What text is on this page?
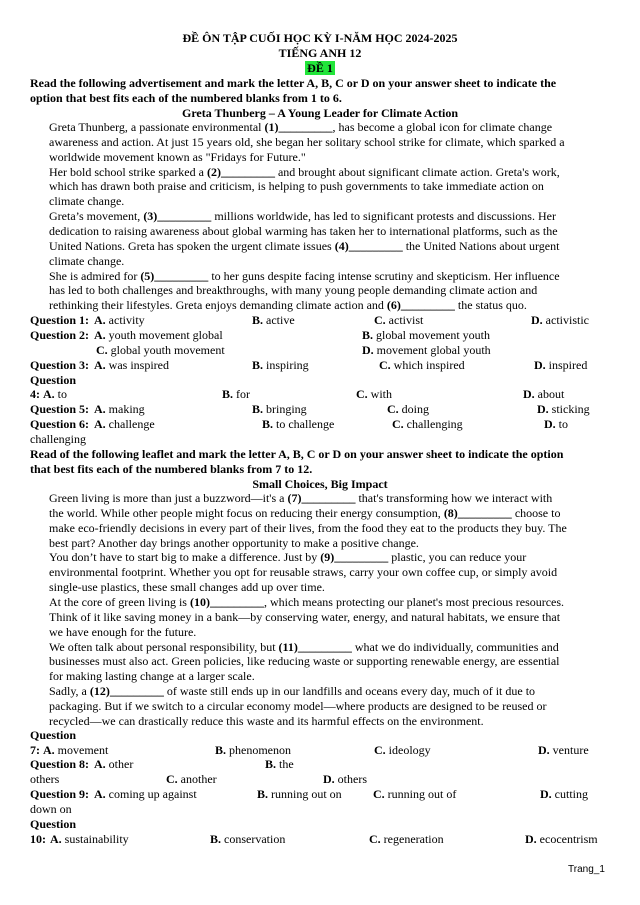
ĐỀ ÔN TẬP CUỐI HỌC KỲ I-NĂM HỌC 2024-2025
TIẾNG ANH 12
ĐỀ 1
Read the following advertisement and mark the letter A, B, C or D on your answer sheet to indicate the
option that best fits each of the numbered blanks from 1 to 6.
Greta Thunberg – A Young Leader for Climate Action
Greta Thunberg, a passionate environmental (1)_________, has become a global icon for climate change
awareness and action. At just 15 years old, she began her solitary school strike for climate, which sparked a
worldwide movement known as "Fridays for Future."
Her bold school strike sparked a (2)_________ and brought about significant climate action. Greta's work,
which has drawn both praise and criticism, is helping to push governments to take immediate action on
climate change.
Greta’s movement, (3)_________ millions worldwide, has led to significant protests and discussions. Her
dedication to raising awareness about global warming has taken her to international platforms, such as the
United Nations. Greta has spoken the urgent climate issues (4)_________ the United Nations about urgent
climate change.
She is admired for (5)_________ to her guns despite facing intense scrutiny and skepticism. Her influence
has led to both challenges and breakthroughs, with many young people demanding climate action and
rethinking their lifestyles. Greta enjoys demanding climate action and (6)_________ the status quo.
Question 1: A. activity	B. active	C. activist	D. activistic
Question 2: A. youth movement global	B. global movement youth
C. global youth movement	D. movement global youth
Question 3: A. was inspired	B. inspiring	C. which inspired	D. inspired
Question
4: A. to	B. for	C. with	D. about
Question 5: A. making	B. bringing	C. doing	D. sticking
Question 6: A. challenge	B. to challenge	C. challenging	D. to
challenging
Read of the following leaflet and mark the letter A, B, C or D on your answer sheet to indicate the option
that best fits each of the numbered blanks from 7 to 12.
Small Choices, Big Impact
Green living is more than just a buzzword—it's a (7)_________ that's transforming how we interact with
the world. While other people might focus on reducing their energy consumption, (8)_________ choose to
make eco-friendly decisions in every part of their lives, from the food they eat to the products they buy. The
best part? Another day brings another opportunity to make a positive change.
You don’t have to start big to make a difference. Just by (9)_________ plastic, you can reduce your
environmental footprint. Whether you opt for reusable straws, carry your own coffee cup, or simply avoid
single-use plastics, these small changes add up over time.
At the core of green living is (10)_________, which means protecting our planet's most precious resources.
Think of it like saving money in a bank—by conserving water, energy, and natural habitats, we ensure that
we have enough for the future.
We often talk about personal responsibility, but (11)_________ what we do individually, communities and
businesses must also act. Green policies, like reducing waste or supporting renewable energy, are essential
for making lasting change at a larger scale.
Sadly, a (12)_________ of waste still ends up in our landfills and oceans every day, much of it due to
packaging. But if we switch to a circular economy model—where products are designed to be reused or
recycled—we can drastically reduce this waste and its harmful effects on the environment.
Question
7: A. movement	B. phenomenon	C. ideology	D. venture
Question 8: A. other	B. the
others	C. another	D. others
Question 9: A. coming up against	B. running out on	C. running out of	D. cutting
down on
Question
10: A. sustainability	B. conservation	C. regeneration	D. ecocentrism
Trang_1
